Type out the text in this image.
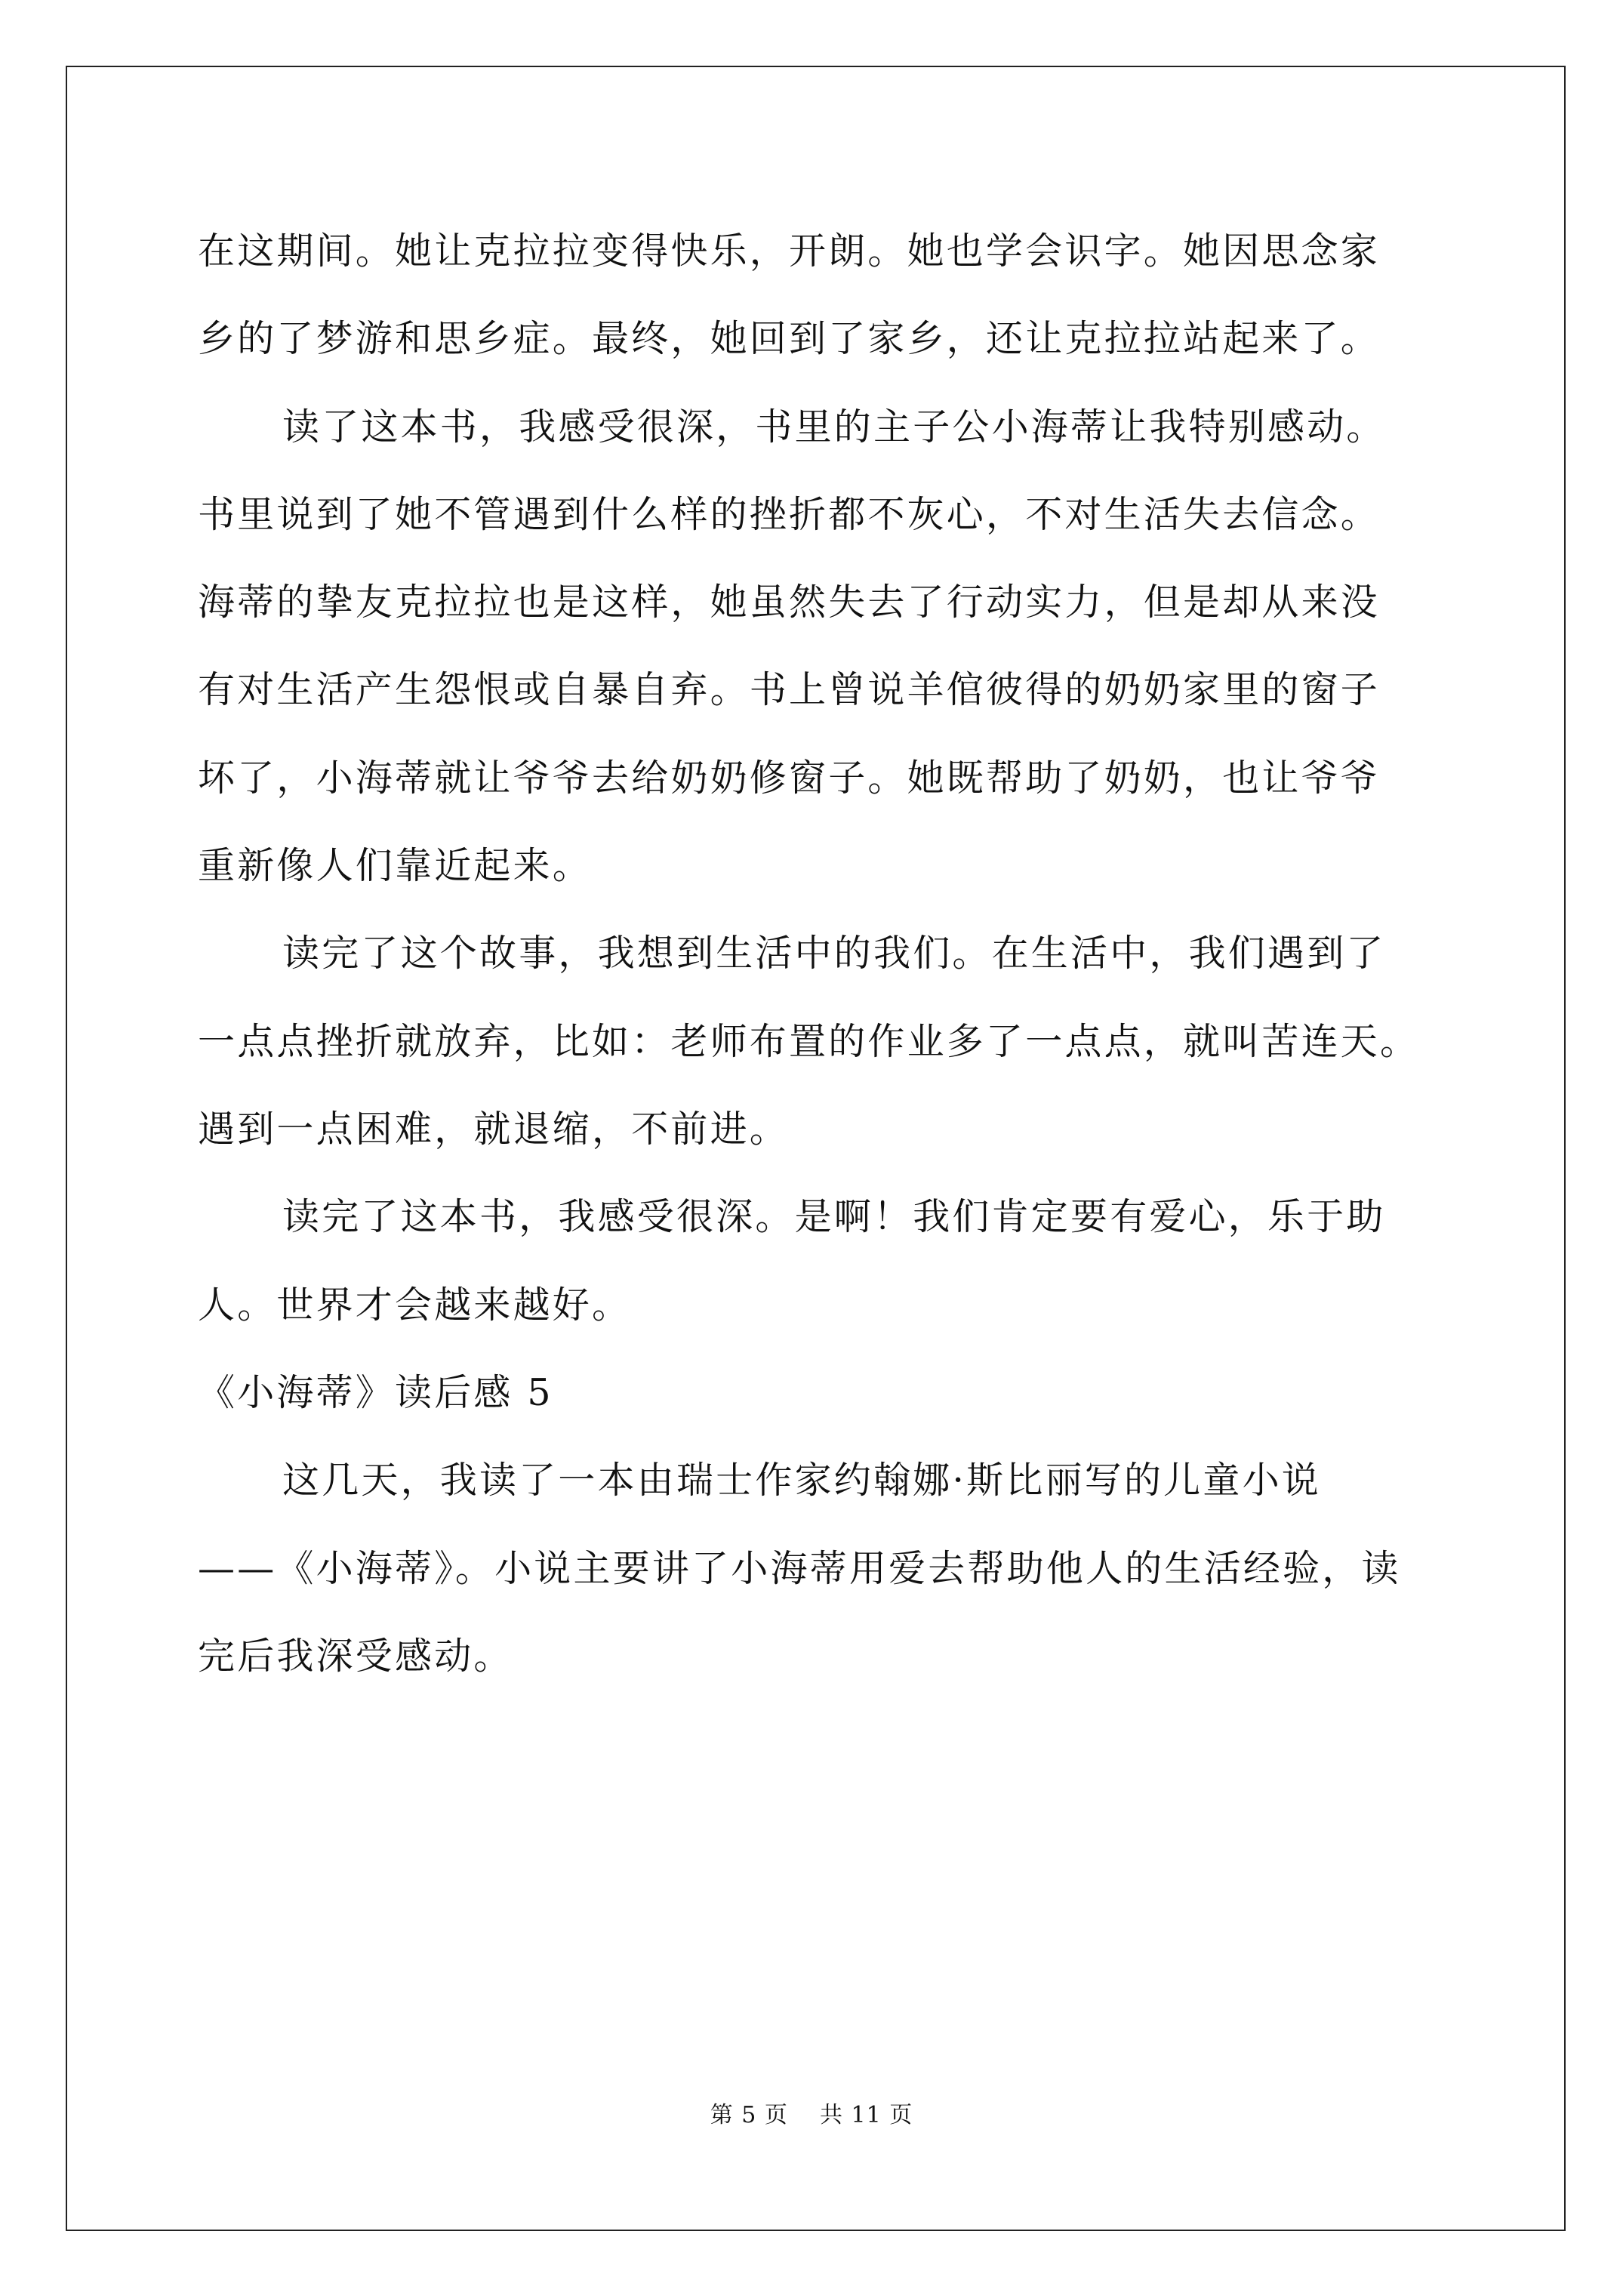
在这期间。她让克拉拉变得快乐，开朗。她也学会识字。她因思念家
乡的了梦游和思乡症。最终，她回到了家乡，还让克拉拉站起来了。
读了这本书，我感受很深，书里的主子公小海蒂让我特别感动。
书里说到了她不管遇到什么样的挫折都不灰心，不对生活失去信念。
海蒂的挚友克拉拉也是这样，她虽然失去了行动实力，但是却从来没
有对生活产生怨恨或自暴自弃。书上曾说羊倌彼得的奶奶家里的窗子
坏了，小海蒂就让爷爷去给奶奶修窗子。她既帮助了奶奶，也让爷爷
重新像人们靠近起来。
读完了这个故事，我想到生活中的我们。在生活中，我们遇到了
一点点挫折就放弃，比如：老师布置的作业多了一点点，就叫苦连天。
遇到一点困难，就退缩，不前进。
读完了这本书，我感受很深。是啊！我们肯定要有爱心，乐于助
人。世界才会越来越好。
《小海蒂》读后感 5
这几天，我读了一本由瑞士作家约翰娜·斯比丽写的儿童小说
——《小海蒂》。小说主要讲了小海蒂用爱去帮助他人的生活经验，读
完后我深受感动。
第 5 页    共 11 页
